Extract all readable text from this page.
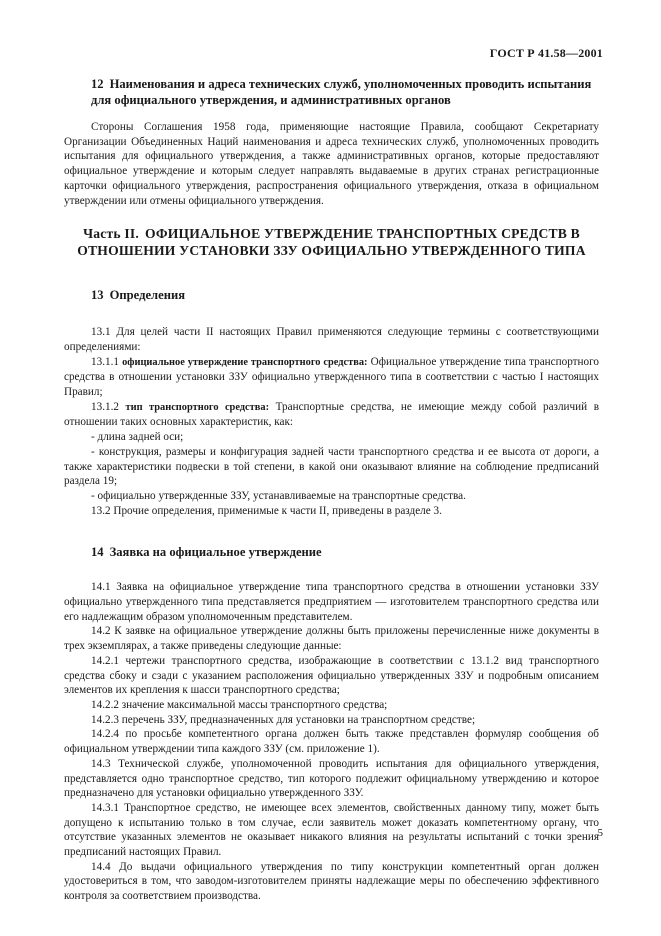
ГОСТ Р 41.58—2001
12 Наименования и адреса технических служб, уполномоченных проводить испытания для официального утверждения, и административных органов

Стороны Соглашения 1958 года, применяющие настоящие Правила, сообщают Секретариату Организации Объединенных Наций наименования и адреса технических служб, уполномоченных проводить испытания для официального утверждения, а также административных органов, которые предоставляют официальное утверждение и которым следует направлять выдаваемые в других странах регистрационные карточки официального утверждения, распространения официального утверждения, отказа в официальном утверждении или отмены официального утверждения.

Часть II. ОФИЦИАЛЬНОЕ УТВЕРЖДЕНИЕ ТРАНСПОРТНЫХ СРЕДСТВ В ОТНОШЕНИИ УСТАНОВКИ ЗЗУ ОФИЦИАЛЬНО УТВЕРЖДЕННОГО ТИПА
13 Определения

13.1 Для целей части II настоящих Правил применяются следующие термины с соответствующими определениями:

13.1.1 официальное утверждение транспортного средства: Официальное утверждение типа транспортного средства в отношении установки ЗЗУ официально утвержденного типа в соответствии с частью I настоящих Правил;

13.1.2 тип транспортного средства: Транспортные средства, не имеющие между собой различий в отношении таких основных характеристик, как:

- длина задней оси;

- конструкция, размеры и конфигурация задней части транспортного средства и ее высота от дороги, а также характеристики подвески в той степени, в какой они оказывают влияние на соблюдение предписаний раздела 19;

- официально утвержденные ЗЗУ, устанавливаемые на транспортные средства.

13.2 Прочие определения, применимые к части II, приведены в разделе 3.

14 Заявка на официальное утверждение

14.1 Заявка на официальное утверждение типа транспортного средства в отношении установки ЗЗУ официально утвержденного типа представляется предприятием — изготовителем транспортного средства или его надлежащим образом уполномоченным представителем.

14.2 К заявке на официальное утверждение должны быть приложены перечисленные ниже документы в трех экземплярах, а также приведены следующие данные:

14.2.1 чертежи транспортного средства, изображающие в соответствии с 13.1.2 вид транспортного средства сбоку и сзади с указанием расположения официально утвержденных ЗЗУ и подробным описанием элементов их крепления к шасси транспортного средства;

14.2.2 значение максимальной массы транспортного средства;

14.2.3 перечень ЗЗУ, предназначенных для установки на транспортном средстве;

14.2.4 по просьбе компетентного органа должен быть также представлен формуляр сообщения об официальном утверждении типа каждого ЗЗУ (см. приложение 1).

14.3 Технической службе, уполномоченной проводить испытания для официального утверждения, представляется одно транспортное средство, тип которого подлежит официальному утверждению и которое предназначено для установки официально утвержденного ЗЗУ.

14.3.1 Транспортное средство, не имеющее всех элементов, свойственных данному типу, может быть допущено к испытанию только в том случае, если заявитель может доказать компетентному органу, что отсутствие указанных элементов не оказывает никакого влияния на результаты испытаний с точки зрения предписаний настоящих Правил.

14.4 До выдачи официального утверждения по типу конструкции компетентный орган должен удостовериться в том, что заводом-изготовителем приняты надлежащие меры по обеспечению эффективного контроля за соответствием производства.

5
